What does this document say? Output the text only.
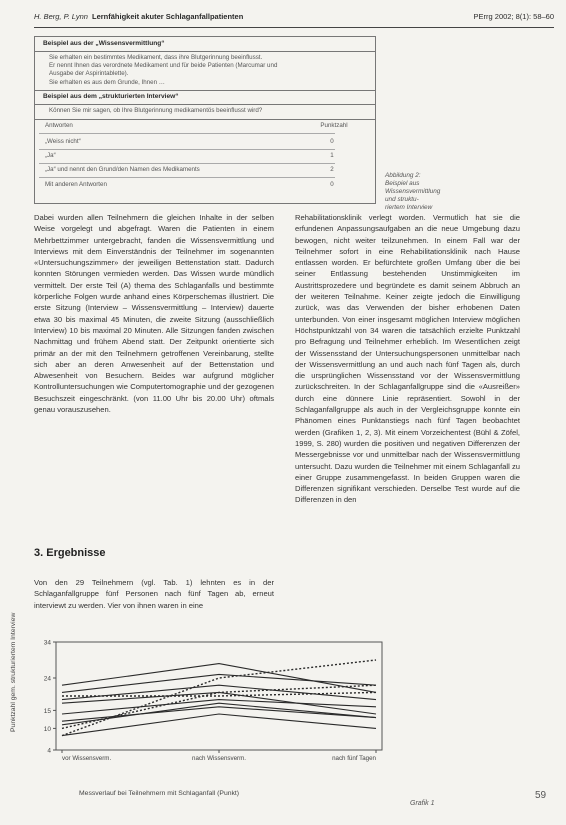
H. Berg, P. Lynn Lernfähigkeit akuter Schlaganfallpatienten	PErrg 2002; 8(1): 58–60
Beispiel aus der „Wissensvermittlung“
Sie erhalten ein bestimmtes Medikament, dass ihre Blutgerinnung beeinflusst.
Er nennt Ihnen das verordnete Medikament und für beide Patienten (Marcumar und
Ausgabe der Aspirintablette).
Sie erhalten es aus dem Grunde, Ihnen …
Beispiel aus dem „strukturierten Interview“
Können Sie mir sagen, ob Ihre Blutgerinnung medikamentös beeinflusst wird?
Antworten	Punktzahl
„Weiss nicht“	0
„Ja“	1
„Ja“ und nennt den Grund/den Namen des Medikaments	2
Mit anderen Antworten	0
Abbildung 2: Beispiel aus
Wissensvermittlung und struktu-
riertem Interview
Dabei wurden allen Teilnehmern die gleichen Inhalte in der selben Weise vorgelegt und abgefragt. Waren die Patienten in einem Mehrbettzimmer untergebracht, fanden die Wissensvermittlung und Interviews mit dem Einverständnis der Teilnehmer im sogenannten «Untersuchungszimmer» der jeweiligen Bettenstation statt. Dadurch konnten Störungen vermieden werden. Das Wissen wurde mündlich vermittelt. Der erste Teil (A) thema des Schlaganfalls und bestimmte körperliche Folgen wurde anhand eines Körperschemas illustriert. Die erste Sitzung (Interview – Wissensvermittlung – Interview) dauerte etwa 30 bis maximal 45 Minuten, die zweite Sitzung (ausschließlich Interview) 10 bis maximal 20 Minuten. Alle Sitzungen fanden zwischen Nachmittag und frühem Abend statt. Der Zeitpunkt orientierte sich primär an der mit den Teilnehmern getroffenen Vereinbarung, stellte sich aber an deren Anwesenheit auf der Bettenstation und Abwesenheit von Besuchern. Beides war aufgrund möglicher Kontrolluntersuchungen wie Computertomographie und der gezogenen Besuchszeit eingeschränkt. (von 11.00 Uhr bis 20.00 Uhr) oftmals genau vorauszusehen.
3. Ergebnisse
Von den 29 Teilnehmern (vgl. Tab. 1) lehnten es in der Schlaganfallgruppe fünf Personen nach fünf Tagen ab, erneut interviewt zu werden. Vier von ihnen waren in eine
Rehabilitationsklinik verlegt worden. Vermutlich hat sie die erfundenen Anpassungsaufgaben an die neue Umgebung dazu bewogen, nicht weiter teilzunehmen. In einem Fall war der Teilnehmer sofort in eine Rehabilitationsklinik nach Hause entlassen worden. Er befürchtete großen Umfang über die bei seiner Entlassung bestehenden Unstimmigkeiten im Austrittsprozedere und begründete es damit seinem Abbruch an der weiteren Teilnahme. Keiner zeigte jedoch die Einwilligung zurück, was das Verwenden der bisher erhobenen Daten unterbunden. Von einer insgesamt möglichen Interview möglichen Höchstpunktzahl von 34 waren die tatsächlich erzielte Punktzahl pro Befragung und Teilnehmer erheblich. Im Wesentlichen zeigt der Wissensstand der Untersuchungspersonen unmittelbar nach der Wissensvermittlung an und auch nach fünf Tagen als, durch die ursprünglichen Wissensstand vor der Wissensvermittlung zurückschreiten. In der Schlaganfallgruppe sind die «Ausreißer» durch eine dünnere Linie repräsentiert. Sowohl in der Schlaganfallgruppe als auch in der Vergleichsgruppe konnte ein Phänomen eines Punktanstiegs nach fünf Tagen beobachtet werden (Grafiken 1, 2, 3). Mit einem Vorzeichentest (Bühl & Zöfel, 1999, S. 280) wurden die positiven und negativen Differenzen der Messergebnisse vor und unmittelbar nach der Wissensvermittlung untersucht. Dazu wurden die Teilnehmer mit einem Schlaganfall zu einer Gruppe zusammengefasst. In beiden Gruppen waren die Differenzen signifikant verschieden. Derselbe Test wurde auf die Differenzen in den
Punktzahl gem. strukturiertem Interview	34
24
15
10
4
vor Wissensverm.	nach Wissensverm.	nach fünf Tagen
Messverlauf bei Teilnehmern mit Schlaganfall (Punkt)
Grafik 1
59
